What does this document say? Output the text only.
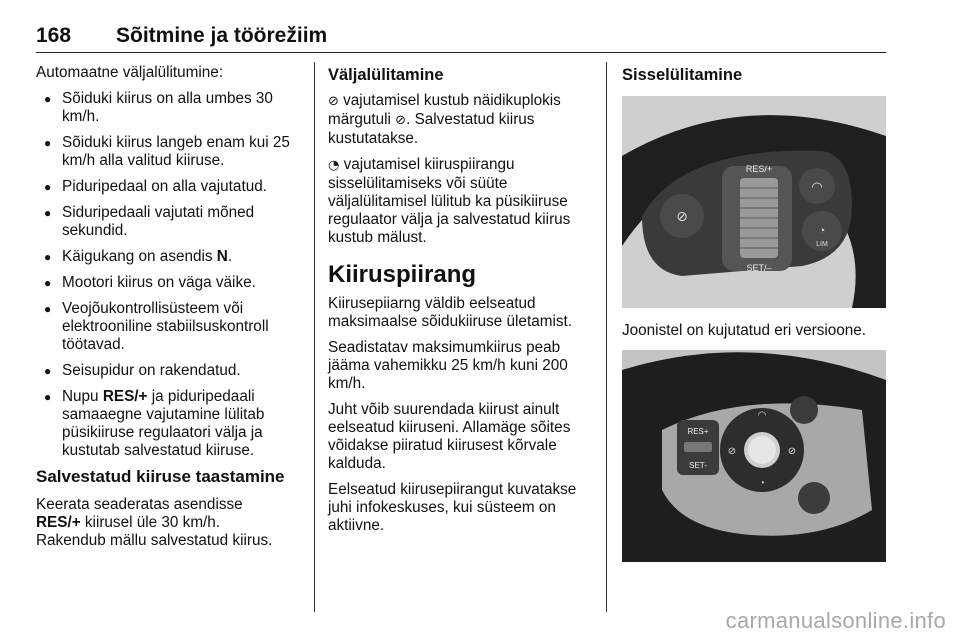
168 Sõitmine ja töörežiim

Automaatne väljalülitumine:

● Sõiduki kiirus on alla umbes 30 km/h.
● Sõiduki kiirus langeb enam kui 25 km/h alla valitud kiiruse.
● Piduripedaal on alla vajutatud.
● Siduripedaali vajutati mõned sekundid.
● Käigukang on asendis N.
● Mootori kiirus on väga väike.
● Veojõukontrollisüsteem või elektrooniline stabiilsuskontroll töötavad.
● Seisupidur on rakendatud.
● Nupu RES/+ ja piduripedaali samaaegne vajutamine lülitab püsikiiruse regulaatori välja ja kustutab salvestatud kiiruse.
Salvestatud kiiruse taastamine

Keerata seaderatas asendisse RES/+ kiirusel üle 30 km/h. Rakendub mällu salvestatud kiirus.

Väljalülitamine

⊘ vajutamisel kustub näidikuplokis märgutuli ⊘. Salvestatud kiirus kustutatakse.

◔ vajutamisel kiiruspiirangu sisselülitamiseks või süüte väljalülitamisel lülitub ka püsikiiruse regulaator välja ja salvestatud kiirus kustub mälust.

Kiiruspiirang

Kiirusepiiarng väldib eelseatud maksimaalse sõidukiiruse ületamist.

Seadistatav maksimumkiirus peab jääma vahemikku 25 km/h kuni 200 km/h.

Juht võib suurendada kiirust ainult eelseatud kiiruseni. Allamäge sõites võidakse piiratud kiirusest kõrvale kalduda.

Eelseatud kiirusepiirangut kuvatakse juhi infokeskuses, kui süsteem on aktiivne.

Sisselülitamine
RES/+
SET/–
⊘
◠
◔
LIM
Joonistel on kujutatud eri versioone.
RES+
SET-
◠
⊘	⊘
◔
carmanualsonline.info
